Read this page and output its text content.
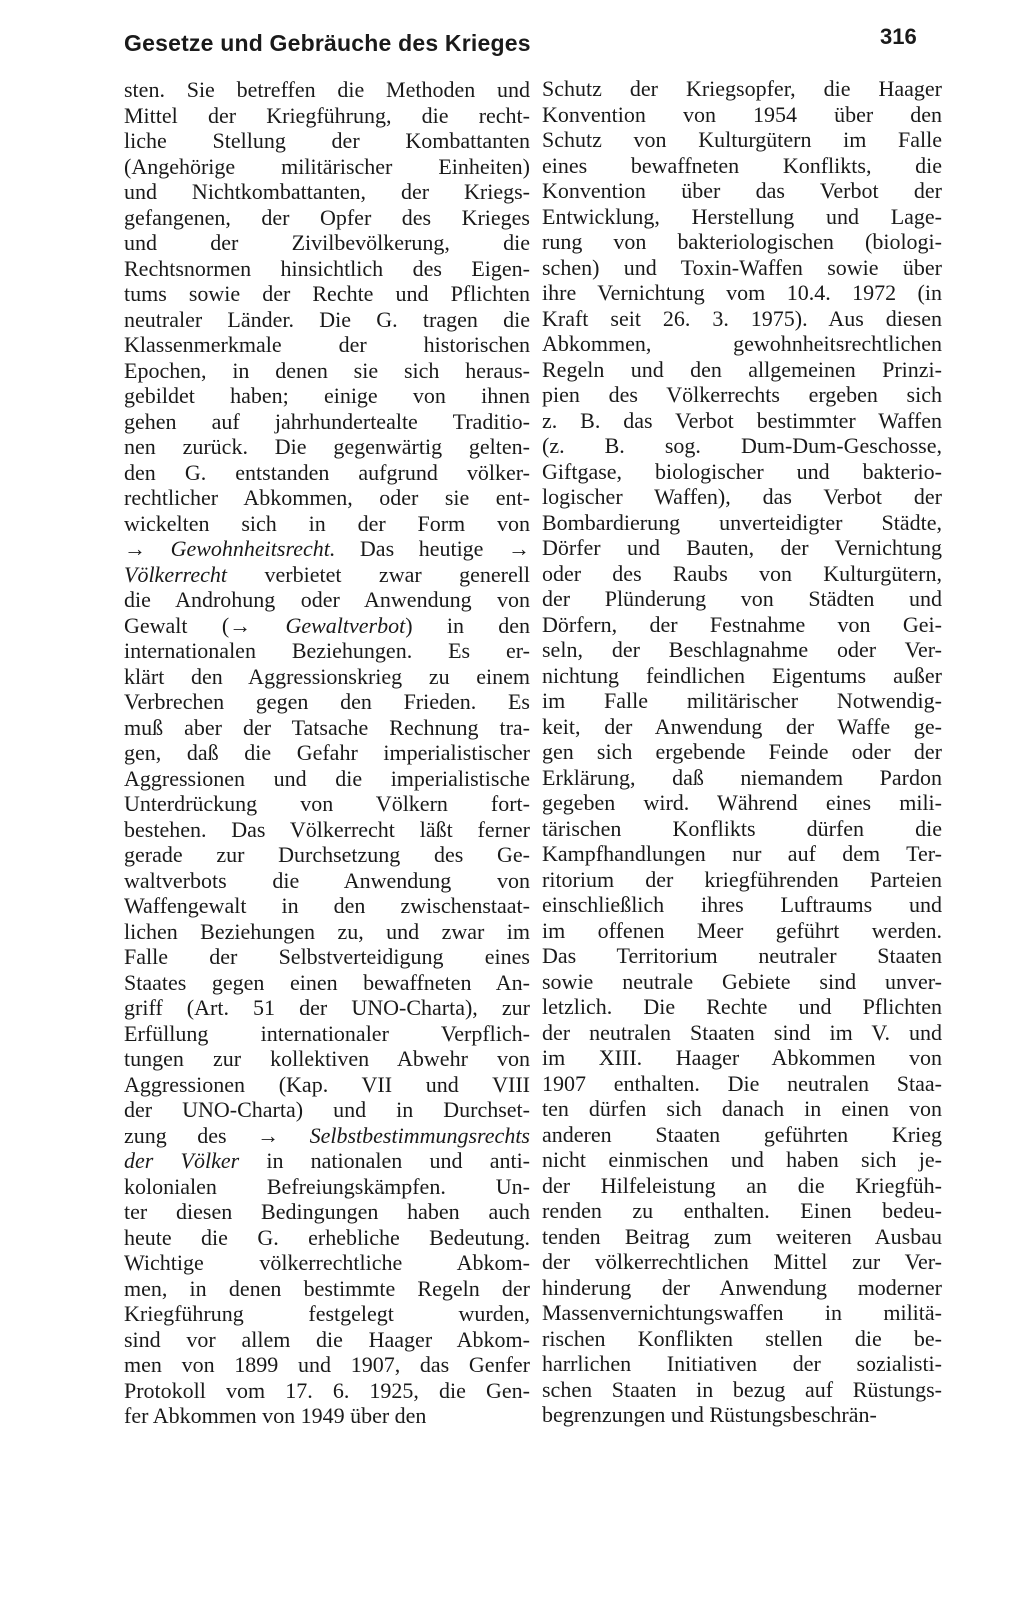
Gesetze und Gebräuche des Krieges	316
sten. Sie betreffen die Methoden und
Mittel der Kriegführung, die recht-
liche Stellung der Kombattanten
(Angehörige militärischer Einheiten)
und Nichtkombattanten, der Kriegs-
gefangenen, der Opfer des Krieges
und der Zivilbevölkerung, die
Rechtsnormen hinsichtlich des Eigen-
tums sowie der Rechte und Pflichten
neutraler Länder. Die G. tragen die
Klassenmerkmale der historischen
Epochen, in denen sie sich heraus-
gebildet haben; einige von ihnen
gehen auf jahrhundertealte Traditio-
nen zurück. Die gegenwärtig gelten-
den G. entstanden aufgrund völker-
rechtlicher Abkommen, oder sie ent-
wickelten sich in der Form von
→ Gewohnheitsrecht. Das heutige →
Völkerrecht verbietet zwar generell
die Androhung oder Anwendung von
Gewalt (→ Gewaltverbot) in den
internationalen Beziehungen. Es er-
klärt den Aggressionskrieg zu einem
Verbrechen gegen den Frieden. Es
muß aber der Tatsache Rechnung tra-
gen, daß die Gefahr imperialistischer
Aggressionen und die imperialistische
Unterdrückung von Völkern fort-
bestehen. Das Völkerrecht läßt ferner
gerade zur Durchsetzung des Ge-
waltverbots die Anwendung von
Waffengewalt in den zwischenstaat-
lichen Beziehungen zu, und zwar im
Falle der Selbstverteidigung eines
Staates gegen einen bewaffneten An-
griff (Art. 51 der UNO-Charta), zur
Erfüllung internationaler Verpflich-
tungen zur kollektiven Abwehr von
Aggressionen (Kap. VII und VIII
der UNO-Charta) und in Durchset-
zung des → Selbstbestimmungsrechts
der Völker in nationalen und anti-
kolonialen Befreiungskämpfen. Un-
ter diesen Bedingungen haben auch
heute die G. erhebliche Bedeutung.
Wichtige völkerrechtliche Abkom-
men, in denen bestimmte Regeln der
Kriegführung festgelegt wurden,
sind vor allem die Haager Abkom-
men von 1899 und 1907, das Genfer
Protokoll vom 17. 6. 1925, die Gen-
fer Abkommen von 1949 über den
Schutz der Kriegsopfer, die Haager
Konvention von 1954 über den
Schutz von Kulturgütern im Falle
eines bewaffneten Konflikts, die
Konvention über das Verbot der
Entwicklung, Herstellung und Lage-
rung von bakteriologischen (biologi-
schen) und Toxin-Waffen sowie über
ihre Vernichtung vom 10.4. 1972 (in
Kraft seit 26. 3. 1975). Aus diesen
Abkommen, gewohnheitsrechtlichen
Regeln und den allgemeinen Prinzi-
pien des Völkerrechts ergeben sich
z. B. das Verbot bestimmter Waffen
(z. B. sog. Dum-Dum-Geschosse,
Giftgase, biologischer und bakterio-
logischer Waffen), das Verbot der
Bombardierung unverteidigter Städte,
Dörfer und Bauten, der Vernichtung
oder des Raubs von Kulturgütern,
der Plünderung von Städten und
Dörfern, der Festnahme von Gei-
seln, der Beschlagnahme oder Ver-
nichtung feindlichen Eigentums außer
im Falle militärischer Notwendig-
keit, der Anwendung der Waffe ge-
gen sich ergebende Feinde oder der
Erklärung, daß niemandem Pardon
gegeben wird. Während eines mili-
tärischen Konflikts dürfen die
Kampfhandlungen nur auf dem Ter-
ritorium der kriegführenden Parteien
einschließlich ihres Luftraums und
im offenen Meer geführt werden.
Das Territorium neutraler Staaten
sowie neutrale Gebiete sind unver-
letzlich. Die Rechte und Pflichten
der neutralen Staaten sind im V. und
im XIII. Haager Abkommen von
1907 enthalten. Die neutralen Staa-
ten dürfen sich danach in einen von
anderen Staaten geführten Krieg
nicht einmischen und haben sich je-
der Hilfeleistung an die Kriegfüh-
renden zu enthalten. Einen bedeu-
tenden Beitrag zum weiteren Ausbau
der völkerrechtlichen Mittel zur Ver-
hinderung der Anwendung moderner
Massenvernichtungswaffen in militä-
rischen Konflikten stellen die be-
harrlichen Initiativen der sozialisti-
schen Staaten in bezug auf Rüstungs-
begrenzungen und Rüstungsbeschrän-
